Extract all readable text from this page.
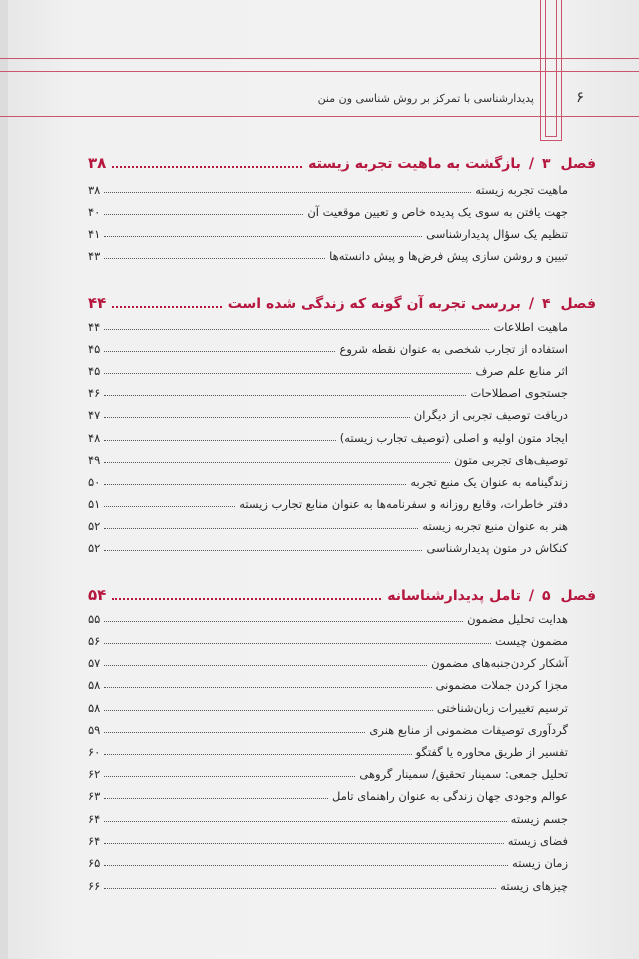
پدیدارشناسی با تمرکز بر روش شناسی ون منن	۶
فصل
۳
/
بازگشت به ماهیت تجربه زیسته
۳۸
ماهیت تجربه زیسته
۳۸
جهت یافتن به سوی یک پدیده خاص و تعیین موقعیت آن
۴۰
تنظیم یک سؤال پدیدارشناسی
۴۱
تبیین و روشن سازی پیش فرض‌ها و پیش دانسته‌ها
۴۳
فصل
۴
/
بررسی تجربه آن گونه که زندگی شده است
۴۴
ماهیت اطلاعات
۴۴
استفاده از تجارب شخصی به عنوان نقطه شروع
۴۵
اثر منابع علم صرف
۴۵
جستجوی اصطلاحات
۴۶
دریافت توصیف تجربی از دیگران
۴۷
ایجاد متون اولیه و اصلی (توصیف تجارب زیسته)
۴۸
توصیف‌های تجربی متون
۴۹
زندگینامه به عنوان یک منبع تجربه
۵۰
دفتر خاطرات، وقایع روزانه و سفرنامه‌ها به عنوان منابع تجارب زیسته
۵۱
هنر به عنوان منبع تجربه زیسته
۵۲
کنکاش در متون پدیدارشناسی
۵۲
فصل
۵
/
تامل پدیدارشناسانه
۵۴
هدایت تحلیل مضمون
۵۵
مضمون چیست
۵۶
آشکار کردن‌جنبه‌های مضمون
۵۷
مجزا کردن جملات مضمونی
۵۸
ترسیم تغییرات زبان‌شناختی
۵۸
گردآوری توصیفات مضمونی از منابع هنری
۵۹
تفسیر از طریق محاوره یا گفتگو
۶۰
تحلیل جمعی: سمینار تحقیق/ سمینار گروهی
۶۲
عوالم وجودی جهان زندگی به عنوان راهنمای تامل
۶۳
جسم زیسته
۶۴
فضای زیسته
۶۴
زمان زیسته
۶۵
چیزهای زیسته
۶۶
